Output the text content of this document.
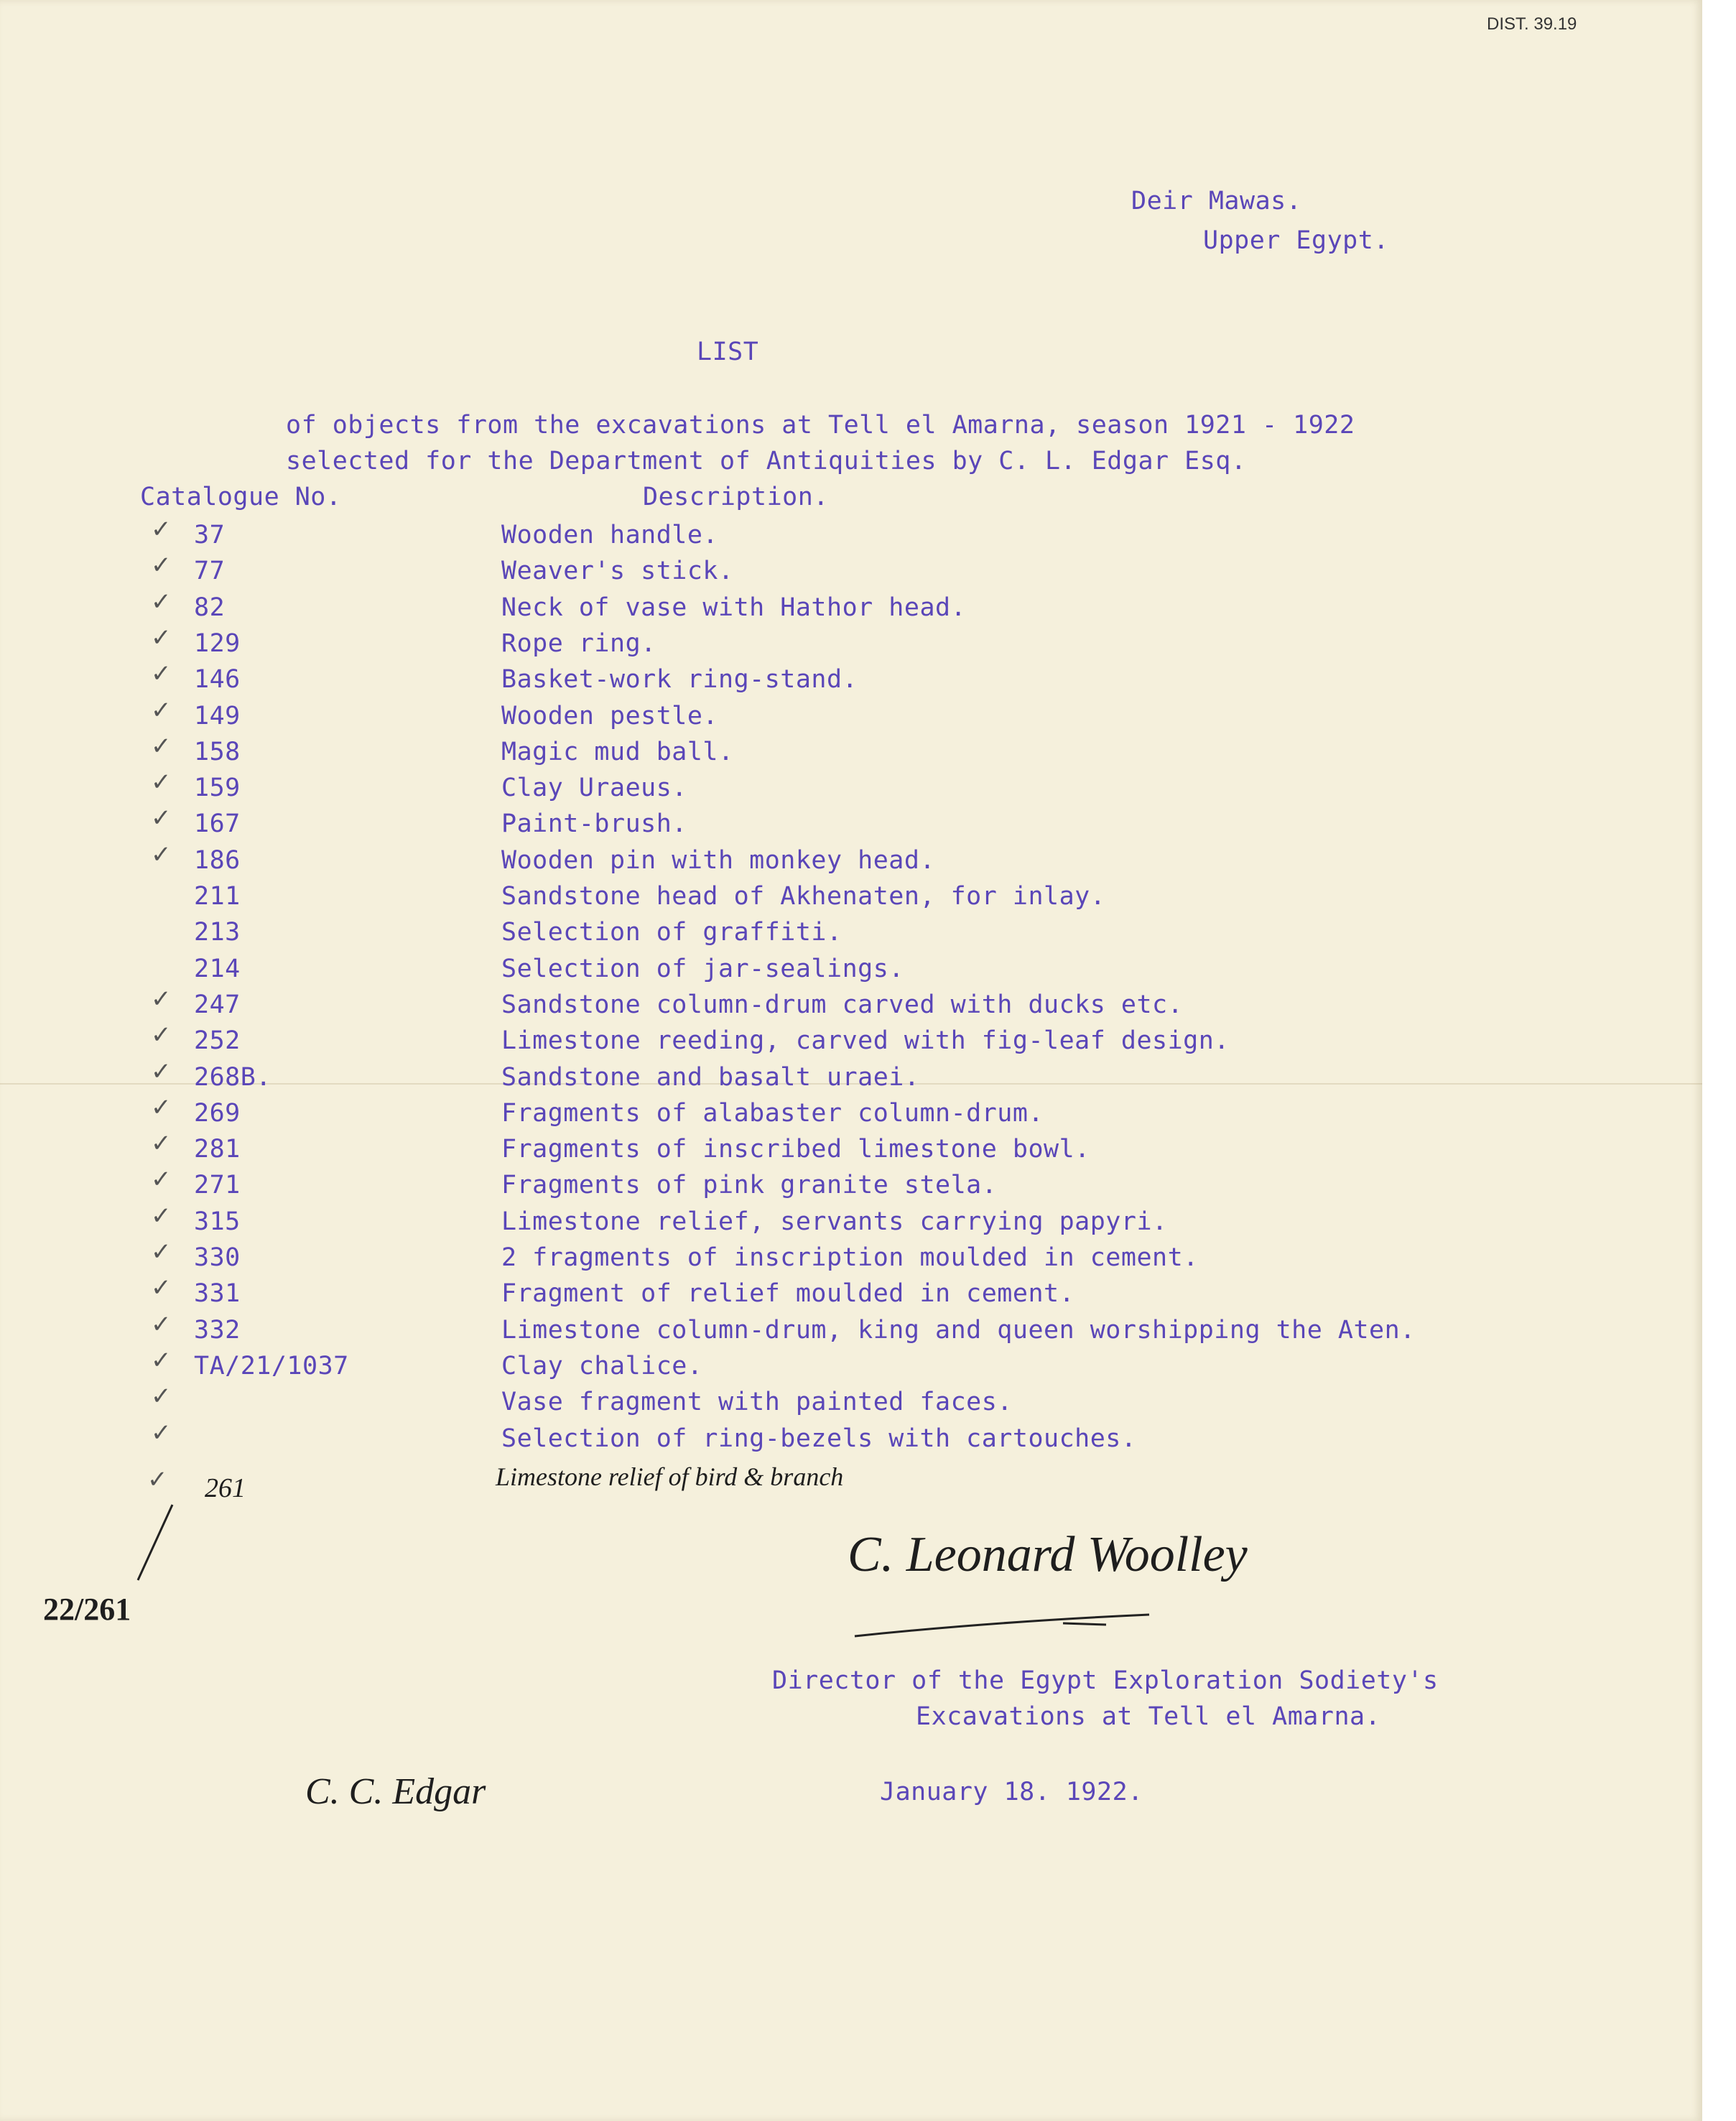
DIST. 39.19
Deir Mawas.
Upper Egypt.
LIST
of objects from the excavations at Tell el Amarna, season 1921 - 1922
selected for the Department of Antiquities by C. L. Edgar Esq.
Catalogue No.	Description.
✓ 37	Wooden handle.
✓ 77	Weaver's stick.
✓ 82	Neck of vase with Hathor head.
✓ 129	Rope ring.
✓ 146	Basket-work ring-stand.
✓ 149	Wooden pestle.
✓ 158	Magic mud ball.
✓ 159	Clay Uraeus.
✓ 167	Paint-brush.
✓ 186	Wooden pin with monkey head.
211	Sandstone head of Akhenaten, for inlay.
213	Selection of graffiti.
214	Selection of jar-sealings.
✓ 247	Sandstone column-drum carved with ducks etc.
✓ 252	Limestone reeding, carved with fig-leaf design.
✓ 268B.	Sandstone and basalt uraei.
✓ 269	Fragments of alabaster column-drum.
✓ 281	Fragments of inscribed limestone bowl.
✓ 271	Fragments of pink granite stela.
✓ 315	Limestone relief, servants carrying papyri.
✓ 330	2 fragments of inscription moulded in cement.
✓ 331	Fragment of relief moulded in cement.
✓ 332	Limestone column-drum, king and queen worshipping the Aten.
✓ TA/21/1037	Clay chalice.
✓	Vase fragment with painted faces.
✓	Selection of ring-bezels with cartouches.
✓ 261	Limestone relief of bird & branch
22/261
C. Leonard Woolley
Director of the Egypt Exploration Sodiety's
Excavations at Tell el Amarna.
January 18. 1922.
C. C. Edgar
